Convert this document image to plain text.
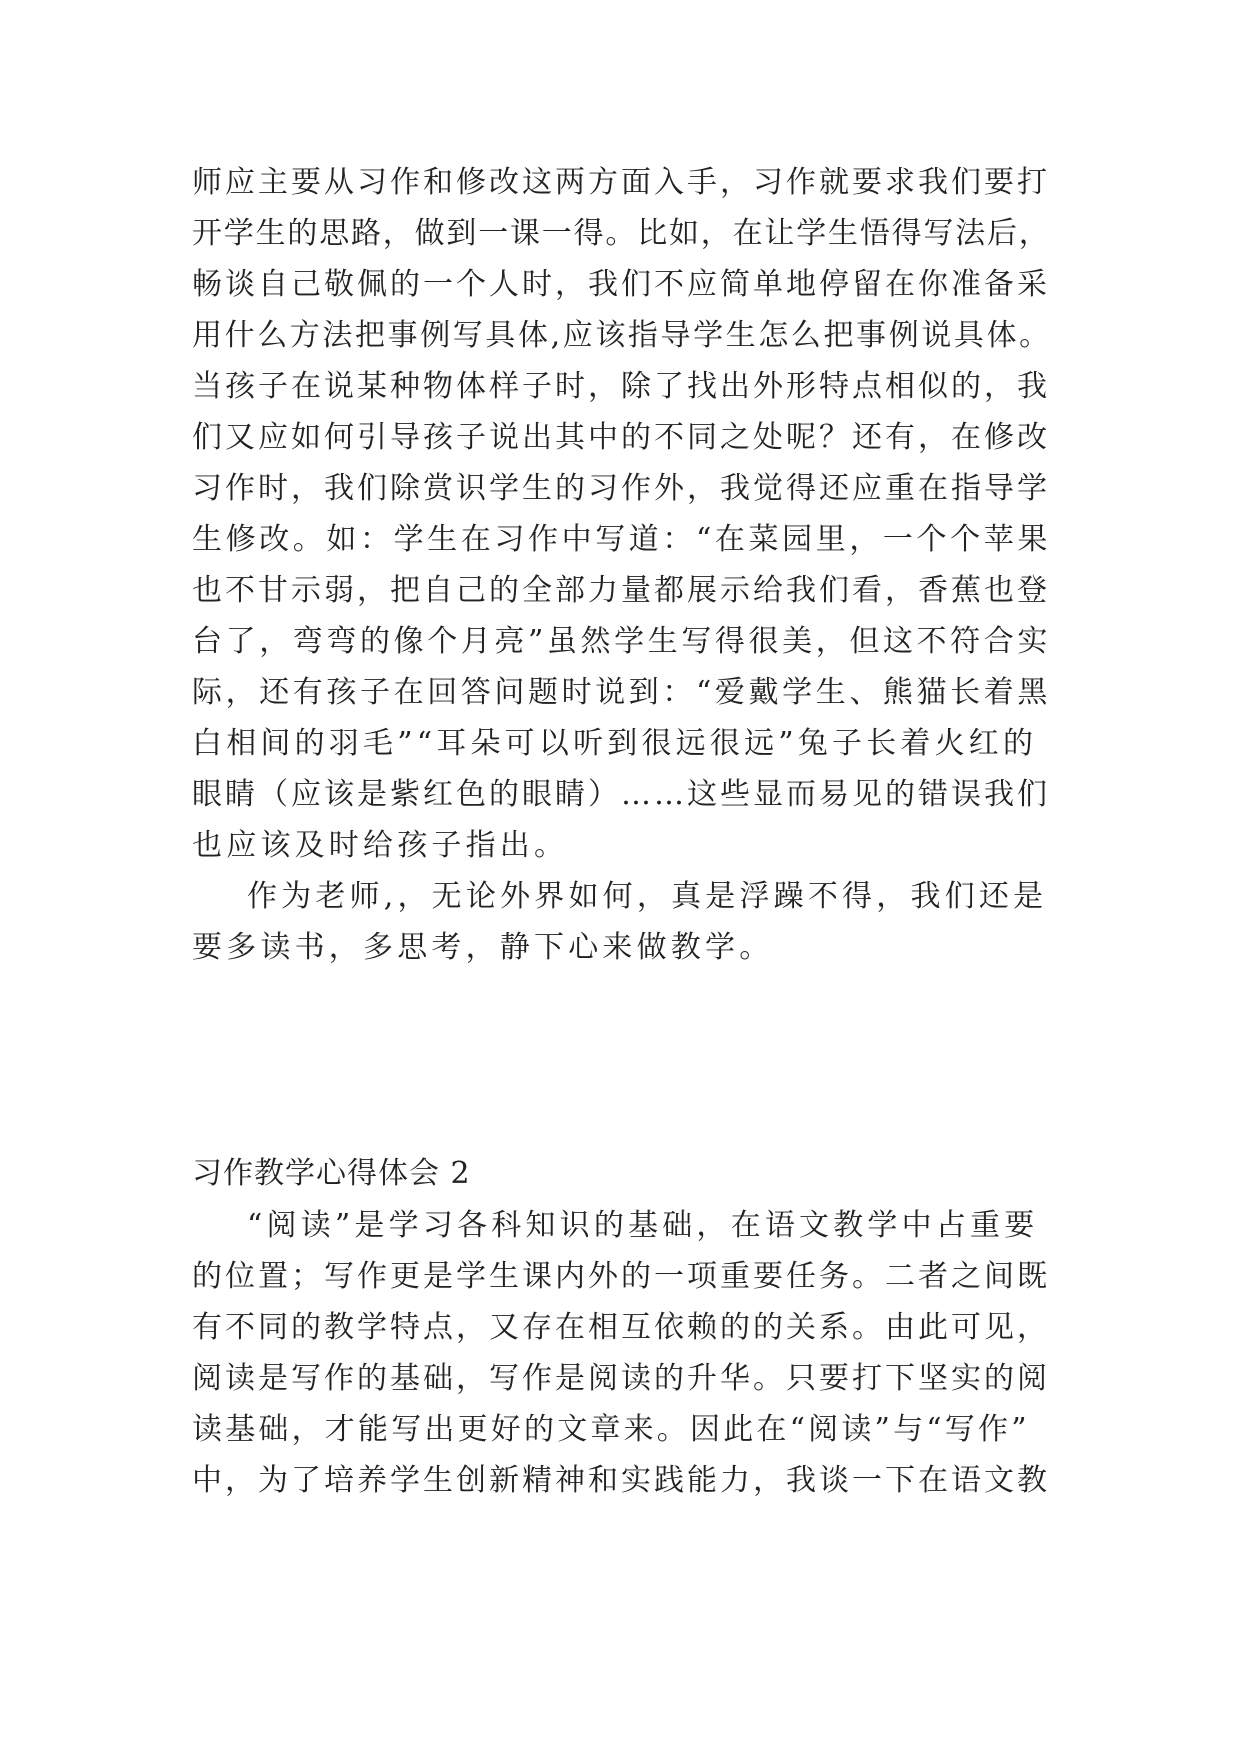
师应主要从习作和修改这两方面入手，习作就要求我们要打
开学生的思路，做到一课一得。比如，在让学生悟得写法后，
畅谈自己敬佩的一个人时，我们不应简单地停留在你准备采
用什么方法把事例写具体,应该指导学生怎么把事例说具体。
当孩子在说某种物体样子时，除了找出外形特点相似的，我
们又应如何引导孩子说出其中的不同之处呢？还有，在修改
习作时，我们除赏识学生的习作外，我觉得还应重在指导学
生修改。如：学生在习作中写道：“在菜园里，一个个苹果
也不甘示弱，把自己的全部力量都展示给我们看，香蕉也登
台了，弯弯的像个月亮”虽然学生写得很美，但这不符合实
际，还有孩子在回答问题时说到：“爱戴学生、熊猫长着黑
白相间的羽毛”“耳朵可以听到很远很远”兔子长着火红的
眼睛（应该是紫红色的眼睛）……这些显而易见的错误我们
也应该及时给孩子指出。
作为老师,，无论外界如何，真是浮躁不得，我们还是
要多读书，多思考，静下心来做教学。
习作教学心得体会 2
“阅读”是学习各科知识的基础，在语文教学中占重要
的位置；写作更是学生课内外的一项重要任务。二者之间既
有不同的教学特点，又存在相互依赖的的关系。由此可见，
阅读是写作的基础，写作是阅读的升华。只要打下坚实的阅
读基础，才能写出更好的文章来。因此在“阅读”与“写作”
中，为了培养学生创新精神和实践能力，我谈一下在语文教
